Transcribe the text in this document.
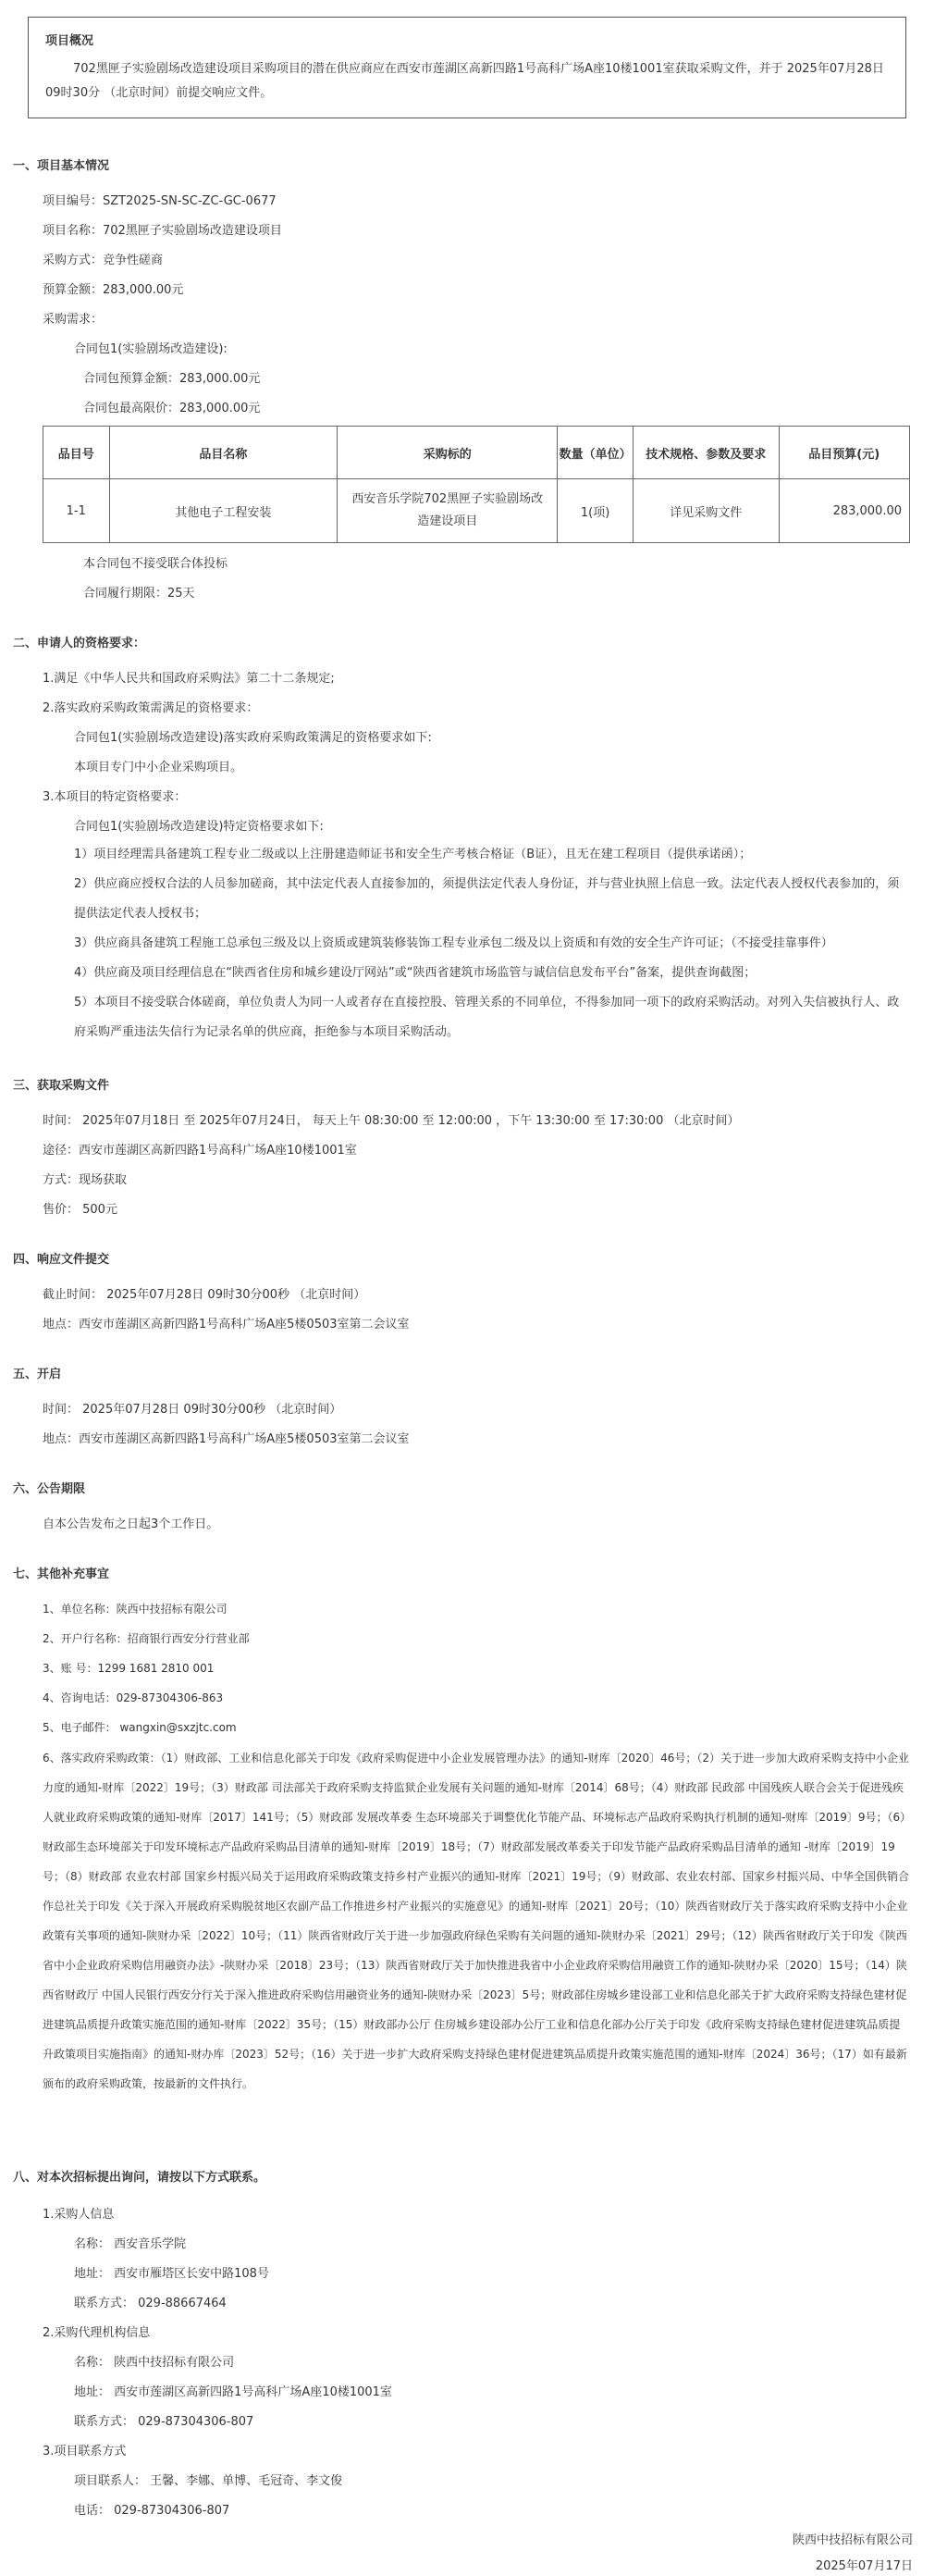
项目概况
702黑匣子实验剧场改造建设项目采购项目的潜在供应商应在西安市莲湖区高新四路1号高科广场A座10楼1001室获取采购文件，并于 2025年07月28日 09时30分 （北京时间）前提交响应文件。
一、项目基本情况
项目编号：SZT2025-SN-SC-ZC-GC-0677
项目名称：702黑匣子实验剧场改造建设项目
采购方式：竞争性磋商
预算金额：283,000.00元
采购需求：
合同包1(实验剧场改造建设):
合同包预算金额：283,000.00元
合同包最高限价：283,000.00元
品目号	品目名称	采购标的	数量（单位）	技术规格、参数及要求	品目预算(元)
1-1	其他电子工程安装	西安音乐学院702黑匣子实验剧场改造建设项目	1(项)	详见采购文件	283,000.00
本合同包不接受联合体投标
合同履行期限：25天
二、申请人的资格要求：
1.满足《中华人民共和国政府采购法》第二十二条规定;
2.落实政府采购政策需满足的资格要求：
合同包1(实验剧场改造建设)落实政府采购政策满足的资格要求如下:
本项目专门中小企业采购项目。
3.本项目的特定资格要求：
合同包1(实验剧场改造建设)特定资格要求如下:
1）项目经理需具备建筑工程专业二级或以上注册建造师证书和安全生产考核合格证（B证），且无在建工程项目（提供承诺函）；
2）供应商应授权合法的人员参加磋商，其中法定代表人直接参加的，须提供法定代表人身份证，并与营业执照上信息一致。法定代表人授权代表参加的，须提供法定代表人授权书；
3）供应商具备建筑工程施工总承包三级及以上资质或建筑装修装饰工程专业承包二级及以上资质和有效的安全生产许可证；（不接受挂靠事件）
4）供应商及项目经理信息在“陕西省住房和城乡建设厅网站”或“陕西省建筑市场监管与诚信信息发布平台”备案，提供查询截图；
5）本项目不接受联合体磋商，单位负责人为同一人或者存在直接控股、管理关系的不同单位，不得参加同一项下的政府采购活动。对列入失信被执行人、政府采购严重违法失信行为记录名单的供应商，拒绝参与本项目采购活动。
三、获取采购文件
时间： 2025年07月18日 至 2025年07月24日， 每天上午 08:30:00 至 12:00:00 ，下午 13:30:00 至 17:30:00 （北京时间）
途径：西安市莲湖区高新四路1号高科广场A座10楼1001室
方式：现场获取
售价： 500元
四、响应文件提交
截止时间： 2025年07月28日 09时30分00秒 （北京时间）
地点：西安市莲湖区高新四路1号高科广场A座5楼0503室第二会议室
五、开启
时间： 2025年07月28日 09时30分00秒 （北京时间）
地点：西安市莲湖区高新四路1号高科广场A座5楼0503室第二会议室
六、公告期限
自本公告发布之日起3个工作日。
七、其他补充事宜
1、单位名称：陕西中技招标有限公司
2、开户行名称：招商银行西安分行营业部
3、账 号：1299 1681 2810 001
4、咨询电话：029-87304306-863
5、电子邮件： wangxin@sxzjtc.com
6、落实政府采购政策：（1）财政部、工业和信息化部关于印发《政府采购促进中小企业发展管理办法》的通知-财库〔2020〕46号；（2）关于进一步加大政府采购支持中小企业力度的通知-财库〔2022〕19号；（3）财政部 司法部关于政府采购支持监狱企业发展有关问题的通知-财库〔2014〕68号；（4）财政部 民政部 中国残疾人联合会关于促进残疾人就业政府采购政策的通知-财库〔2017〕141号；（5）财政部 发展改革委 生态环境部关于调整优化节能产品、环境标志产品政府采购执行机制的通知-财库〔2019〕9号；（6）财政部生态环境部关于印发环境标志产品政府采购品目清单的通知-财库〔2019〕18号；（7）财政部发展改革委关于印发节能产品政府采购品目清单的通知 -财库〔2019〕19号；（8）财政部 农业农村部 国家乡村振兴局关于运用政府采购政策支持乡村产业振兴的通知-财库〔2021〕19号；（9）财政部、农业农村部、国家乡村振兴局、中华全国供销合作总社关于印发《关于深入开展政府采购脱贫地区农副产品工作推进乡村产业振兴的实施意见》的通知-财库〔2021〕20号；（10）陕西省财政厅关于落实政府采购支持中小企业政策有关事项的通知-陕财办采〔2022〕10号；（11）陕西省财政厅关于进一步加强政府绿色采购有关问题的通知-陕财办采〔2021〕29号；（12）陕西省财政厅关于印发《陕西省中小企业政府采购信用融资办法》-陕财办采〔2018〕23号；（13）陕西省财政厅关于加快推进我省中小企业政府采购信用融资工作的通知-陕财办采〔2020〕15号；（14）陕西省财政厅 中国人民银行西安分行关于深入推进政府采购信用融资业务的通知-陕财办采〔2023〕5号；财政部住房城乡建设部工业和信息化部关于扩大政府采购支持绿色建材促进建筑品质提升政策实施范围的通知-财库〔2022〕35号；（15）财政部办公厅 住房城乡建设部办公厅工业和信息化部办公厅关于印发《政府采购支持绿色建材促进建筑品质提升政策项目实施指南》的通知-财办库〔2023〕52号；（16）关于进一步扩大政府采购支持绿色建材促进建筑品质提升政策实施范围的通知-财库〔2024〕36号；（17）如有最新颁布的政府采购政策，按最新的文件执行。
八、对本次招标提出询问，请按以下方式联系。
1.采购人信息
名称： 西安音乐学院
地址： 西安市雁塔区长安中路108号
联系方式： 029-88667464
2.采购代理机构信息
名称： 陕西中技招标有限公司
地址： 西安市莲湖区高新四路1号高科广场A座10楼1001室
联系方式： 029-87304306-807
3.项目联系方式
项目联系人： 王馨、李娜、单博、毛冠奇、李文俊
电话： 029-87304306-807
陕西中技招标有限公司
2025年07月17日
